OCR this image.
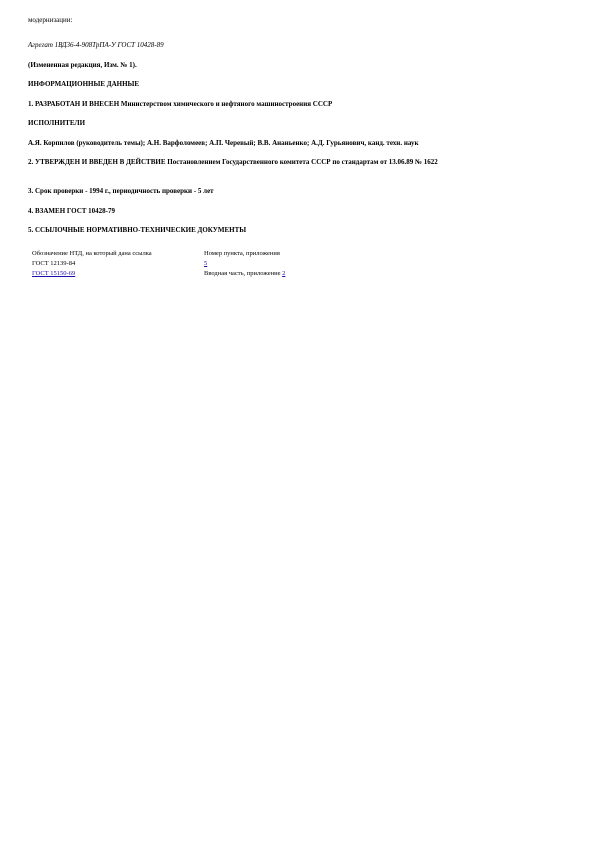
модернизации:

Агрегат 1ВД36-4-908ТрПА-У ГОСТ 10428-89

(Измененная редакция, Изм. № 1).

ИНФОРМАЦИОННЫЕ ДАННЫЕ

1. РАЗРАБОТАН И ВНЕСЕН Министерством химического и нефтяного машиностроения СССР

ИСПОЛНИТЕЛИ

А.Я. Корпилов (руководитель темы); А.Н. Варфоломеев; А.П. Черевый; В.В. Ананьенко; А.Д. Гурьянович, канд. техн. наук

2. УТВЕРЖДЕН И ВВЕДЕН В ДЕЙСТВИЕ Постановлением Государственного комитета СССР по стандартам от 13.06.89 № 1622

3. Срок проверки - 1994 г., периодичность проверки - 5 лет

4. ВЗАМЕН ГОСТ 10428-79

5. ССЫЛОЧНЫЕ НОРМАТИВНО-ТЕХНИЧЕСКИЕ ДОКУМЕНТЫ

Обозначение НТД, на который дана ссылка	Номер пункта, приложения
ГОСТ 12139-84	5
ГОСТ 15150-69	Вводная часть, приложение 2
